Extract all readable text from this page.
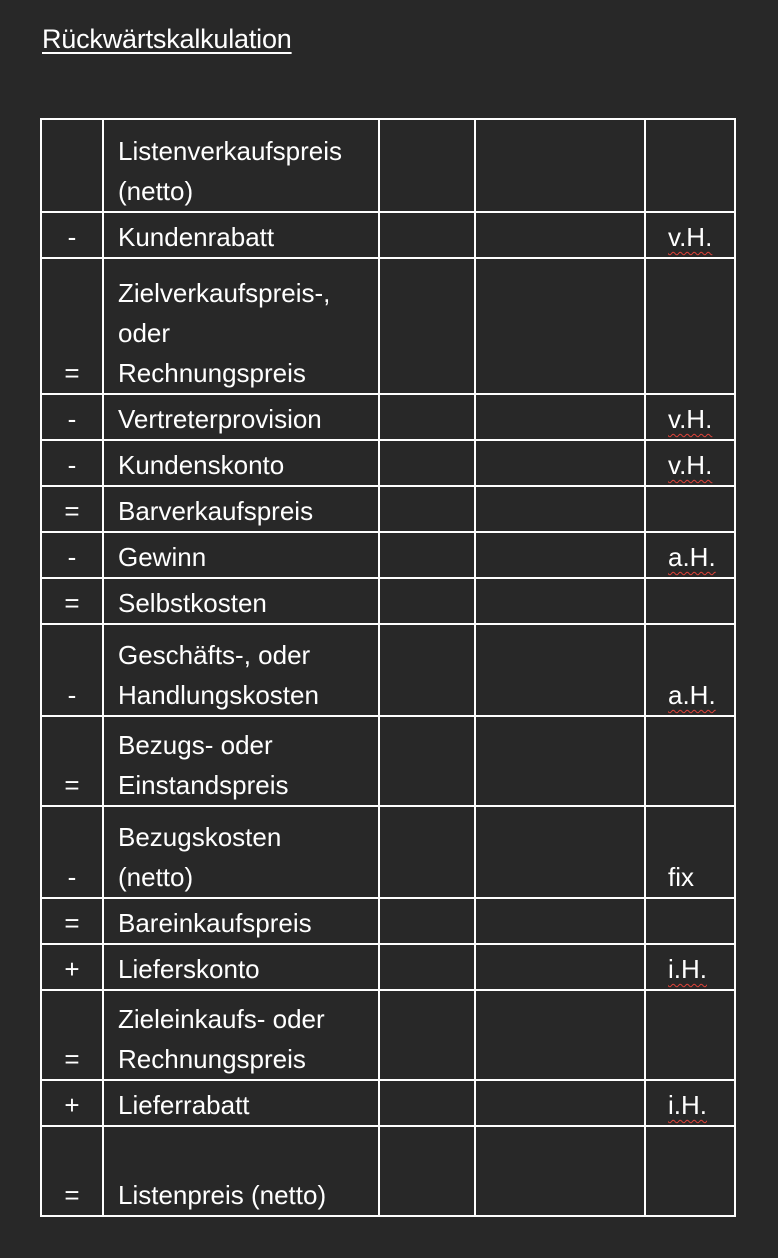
Rückwärtskalkulation
	Listenverkaufspreis
(netto)			
-	Kundenrabatt			v.H.
=	Zielverkaufspreis-,
oder
Rechnungspreis			
-	Vertreterprovision			v.H.
-	Kundenskonto			v.H.
=	Barverkaufspreis			
-	Gewinn			a.H.
=	Selbstkosten			
-	Geschäfts-, oder
Handlungskosten			a.H.
=	Bezugs- oder
Einstandspreis			
-	Bezugskosten
(netto)			fix
=	Bareinkaufspreis			
+	Lieferskonto			i.H.
=	Zieleinkaufs- oder
Rechnungspreis			
+	Lieferrabatt			i.H.
=	Listenpreis (netto)			
